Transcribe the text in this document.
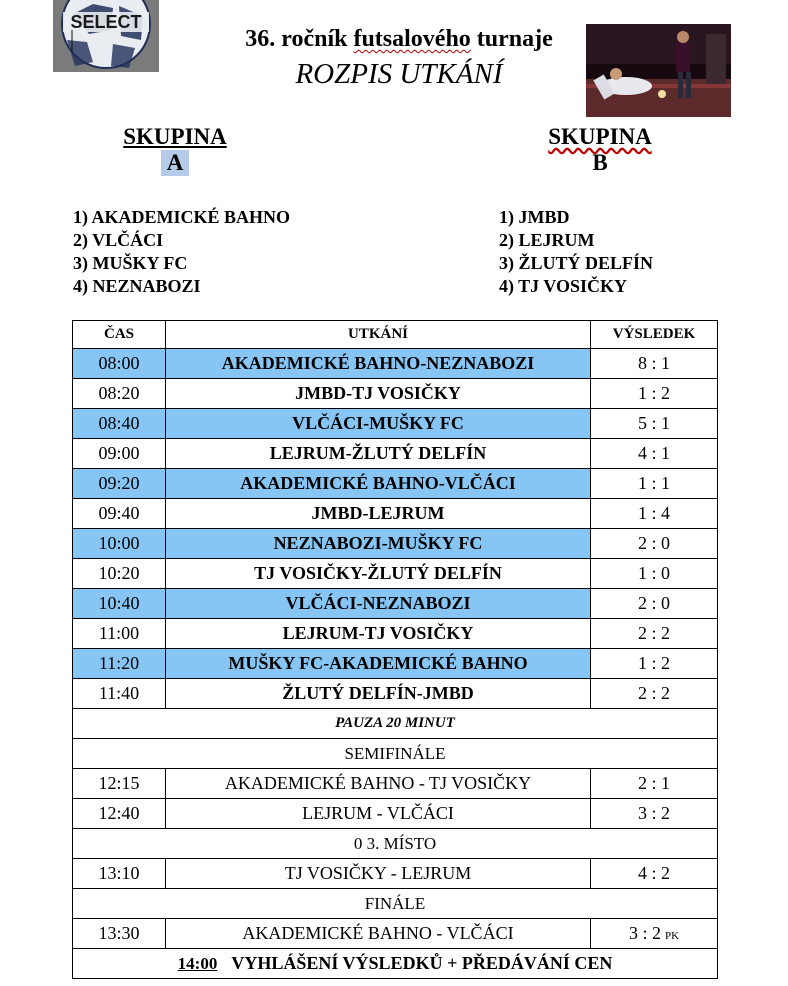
SELECT
36. ročník futsalového turnaje
ROZPIS UTKÁNÍ
SKUPINA
A
SKUPINA
B
1) AKADEMICKÉ BAHNO
2) VLČÁCI
3) MUŠKY FC
4) NEZNABOZI
1) JMBD
2) LEJRUM
3) ŽLUTÝ DELFÍN
4) TJ VOSIČKY
ČAS	UTKÁNÍ	VÝSLEDEK
08:00	AKADEMICKÉ BAHNO-NEZNABOZI	8 : 1
08:20	JMBD-TJ VOSIČKY	1 : 2
08:40	VLČÁCI-MUŠKY FC	5 : 1
09:00	LEJRUM-ŽLUTÝ DELFÍN	4 : 1
09:20	AKADEMICKÉ BAHNO-VLČÁCI	1 : 1
09:40	JMBD-LEJRUM	1 : 4
10:00	NEZNABOZI-MUŠKY FC	2 : 0
10:20	TJ VOSIČKY-ŽLUTÝ DELFÍN	1 : 0
10:40	VLČÁCI-NEZNABOZI	2 : 0
11:00	LEJRUM-TJ VOSIČKY	2 : 2
11:20	MUŠKY FC-AKADEMICKÉ BAHNO	1 : 2
11:40	ŽLUTÝ DELFÍN-JMBD	2 : 2
PAUZA 20 MINUT		
SEMIFINÁLE		
12:15	AKADEMICKÉ BAHNO - TJ VOSIČKY	2 : 1
12:40	LEJRUM - VLČÁCI	3 : 2
0 3. MÍSTO		
13:10	TJ VOSIČKY - LEJRUM	4 : 2
FINÁLE		
13:30	AKADEMICKÉ BAHNO - VLČÁCI	3 : 2 PK
14:00 VYHLÁŠENÍ VÝSLEDKŮ + PŘEDÁVÁNÍ CEN		
